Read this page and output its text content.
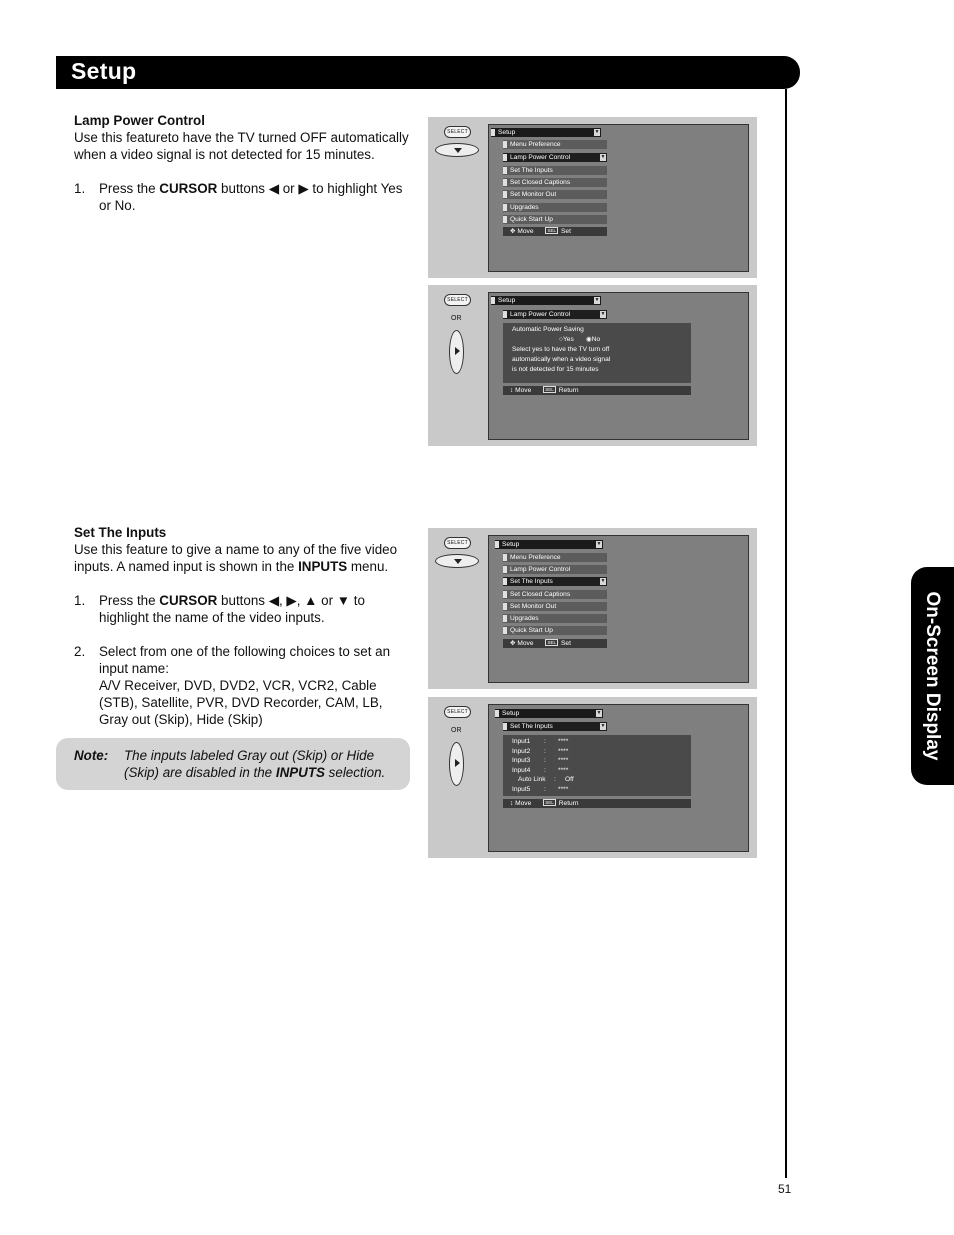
Setup
51
On-Screen Display
Lamp Power Control

Use this featureto have the TV turned OFF automatically when a video signal is not detected for 15 minutes.

1. Press the CURSOR buttons ◀ or ▶ to highlight Yes or No.
Set The Inputs

Use this feature to give a name to any of the five video inputs. A named input is shown in the INPUTS menu.

1. Press the CURSOR buttons ◀, ▶, ▲ or ▼ to highlight the name of the video inputs.
2. Select from one of the following choices to set an input name:

A/V Receiver, DVD, DVD2, VCR, VCR2, Cable (STB), Satellite, PVR, DVD Recorder, CAM, LB, Gray out (Skip), Hide (Skip)

Note: The inputs labeled Gray out (Skip) or Hide (Skip) are disabled in the INPUTS selection.
SELECT	Setup	▼
Menu Preference
Lamp Power Control	▼
Set The Inputs
Set Closed Captions
Set Monitor Out
Upgrades
Quick Start Up
✥ Move	SEL Set
SELECT
OR
Setup	▼
Lamp Power Control	▼
Automatic Power Saving
○Yes ◉No
Select yes to have the TV turn off
automatically when a video signal
is not detected for 15 minutes
↕ Move	SEL Return
SELECT	Setup	▼
Menu Preference
Lamp Power Control
Set The Inputs	▼
Set Closed Captions
Set Monitor Out
Upgrades
Quick Start Up
✥ Move	SEL Set
SELECT
OR
Setup	▼
Set The Inputs	▼
Input1 : ****
Input2 : ****
Input3 : ****
Input4 : ****
Auto Link : Off
Input5 : ****
↕ Move	SEL Return
